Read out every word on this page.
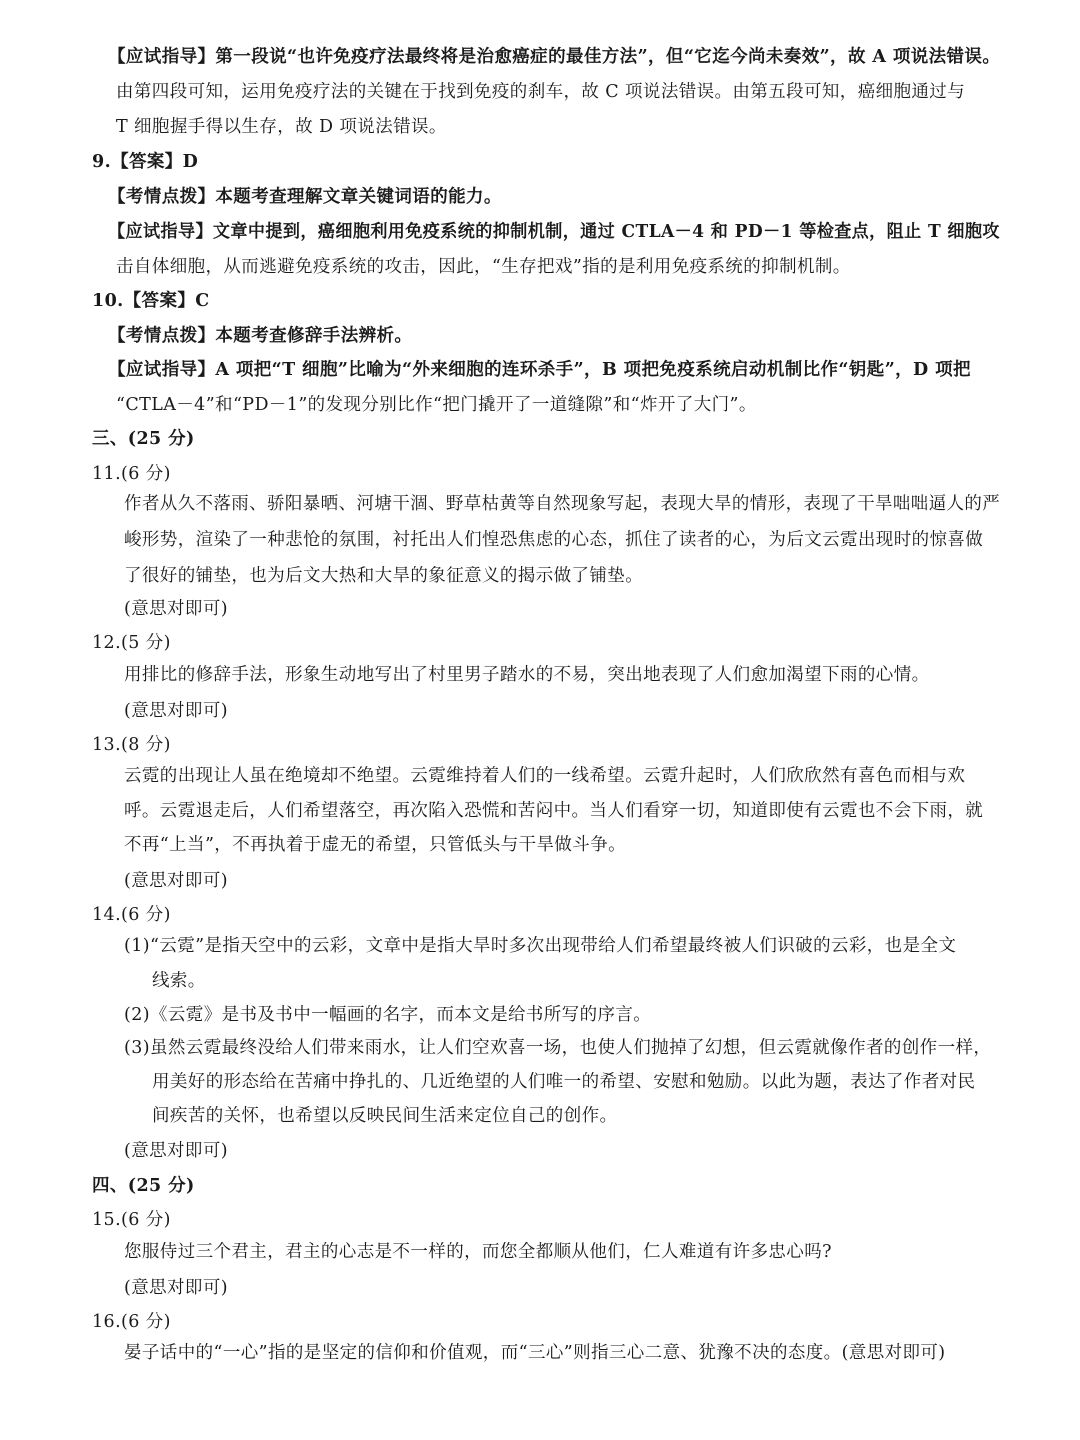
【应试指导】第一段说“也许免疫疗法最终将是治愈癌症的最佳方法”，但“它迄今尚未奏效”，故 A 项说法错误。
由第四段可知，运用免疫疗法的关键在于找到免疫的刹车，故 C 项说法错误。由第五段可知，癌细胞通过与
T 细胞握手得以生存，故 D 项说法错误。
9.【答案】D
【考情点拨】本题考查理解文章关键词语的能力。
【应试指导】文章中提到，癌细胞利用免疫系统的抑制机制，通过 CTLA－4 和 PD－1 等检查点，阻止 T 细胞攻
击自体细胞，从而逃避免疫系统的攻击，因此，“生存把戏”指的是利用免疫系统的抑制机制。
10.【答案】C
【考情点拨】本题考查修辞手法辨析。
【应试指导】A 项把“T 细胞”比喻为“外来细胞的连环杀手”，B 项把免疫系统启动机制比作“钥匙”，D 项把
“CTLA－4”和“PD－1”的发现分别比作“把门撬开了一道缝隙”和“炸开了大门”。
三、(25 分)
11.(6 分)
作者从久不落雨、骄阳暴晒、河塘干涸、野草枯黄等自然现象写起，表现大旱的情形，表现了干旱咄咄逼人的严
峻形势，渲染了一种悲怆的氛围，衬托出人们惶恐焦虑的心态，抓住了读者的心，为后文云霓出现时的惊喜做
了很好的铺垫，也为后文大热和大旱的象征意义的揭示做了铺垫。
(意思对即可)
12.(5 分)
用排比的修辞手法，形象生动地写出了村里男子踏水的不易，突出地表现了人们愈加渴望下雨的心情。
(意思对即可)
13.(8 分)
云霓的出现让人虽在绝境却不绝望。云霓维持着人们的一线希望。云霓升起时，人们欣欣然有喜色而相与欢
呼。云霓退走后，人们希望落空，再次陷入恐慌和苦闷中。当人们看穿一切，知道即使有云霓也不会下雨，就
不再“上当”，不再执着于虚无的希望，只管低头与干旱做斗争。
(意思对即可)
14.(6 分)
(1)“云霓”是指天空中的云彩，文章中是指大旱时多次出现带给人们希望最终被人们识破的云彩，也是全文
线索。
(2)《云霓》是书及书中一幅画的名字，而本文是给书所写的序言。
(3)虽然云霓最终没给人们带来雨水，让人们空欢喜一场，也使人们抛掉了幻想，但云霓就像作者的创作一样，
用美好的形态给在苦痛中挣扎的、几近绝望的人们唯一的希望、安慰和勉励。以此为题，表达了作者对民
间疾苦的关怀，也希望以反映民间生活来定位自己的创作。
(意思对即可)
四、(25 分)
15.(6 分)
您服侍过三个君主，君主的心志是不一样的，而您全都顺从他们，仁人难道有许多忠心吗?
(意思对即可)
16.(6 分)
晏子话中的“一心”指的是坚定的信仰和价值观，而“三心”则指三心二意、犹豫不决的态度。(意思对即可)
